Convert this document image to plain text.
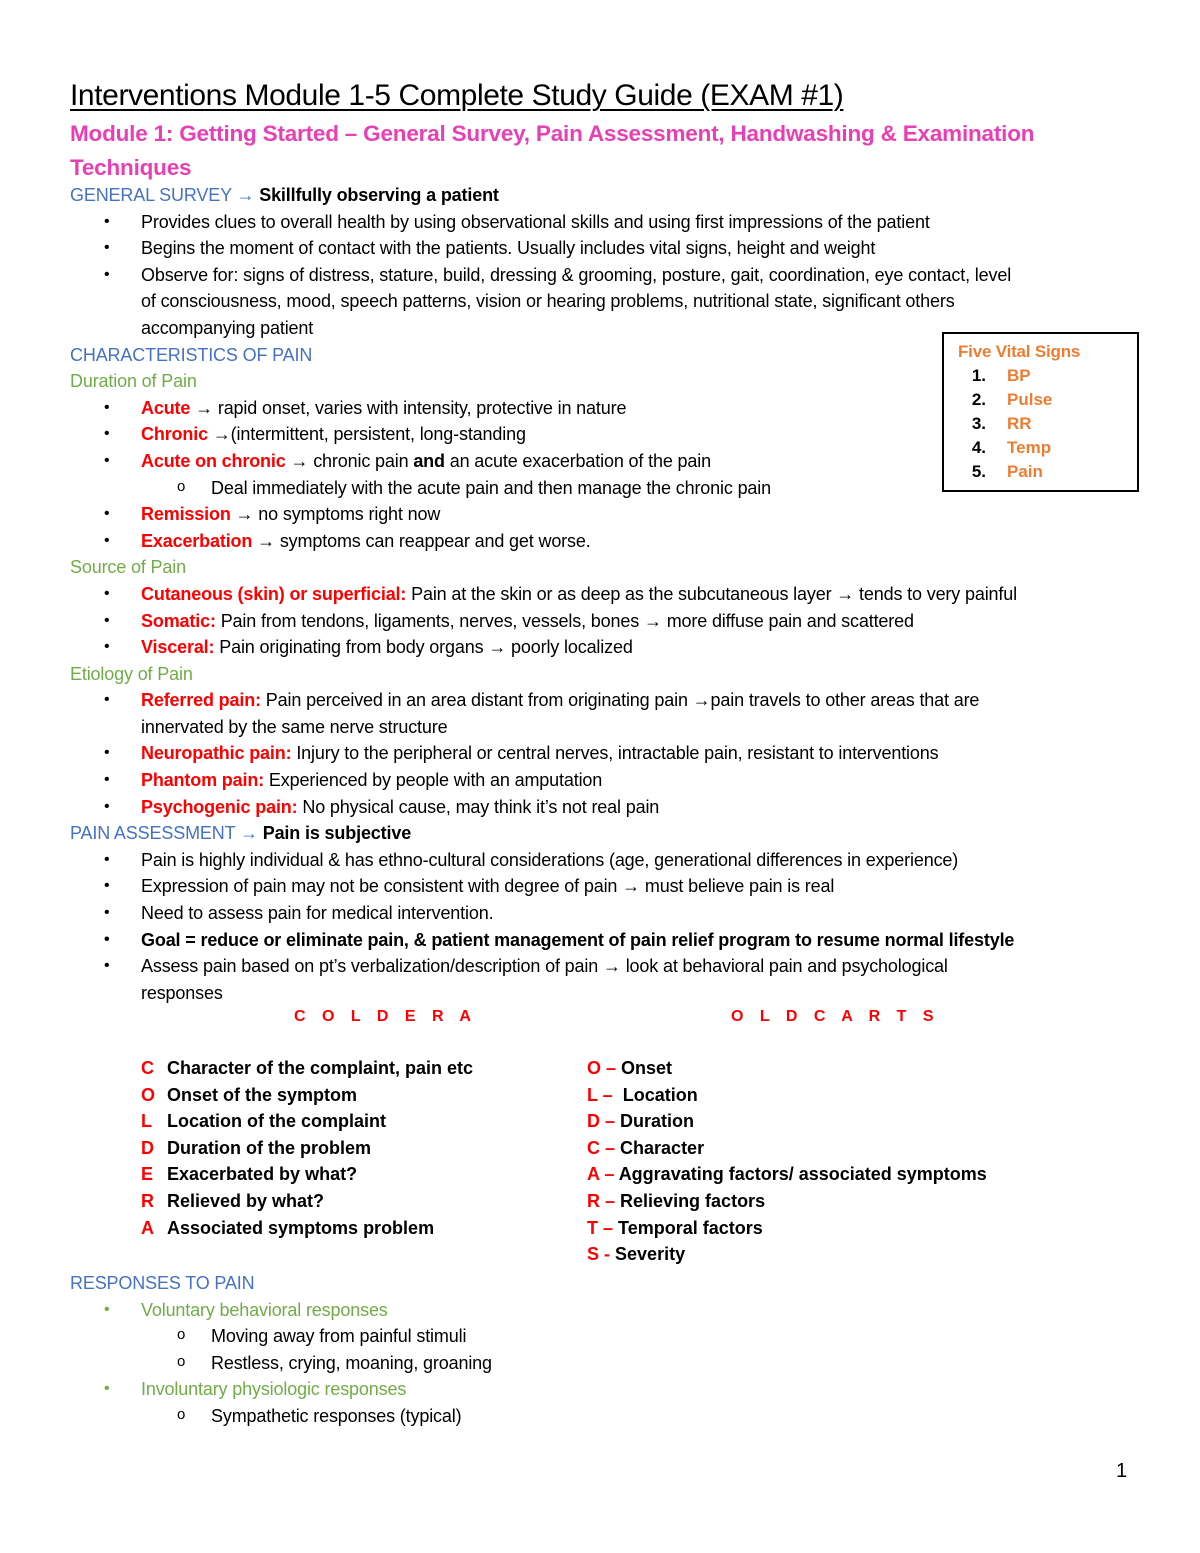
Interventions Module 1-5 Complete Study Guide (EXAM #1)
Module 1: Getting Started – General Survey, Pain Assessment, Handwashing & Examination Techniques
GENERAL SURVEY → Skillfully observing a patient
• Provides clues to overall health by using observational skills and using first impressions of the patient
• Begins the moment of contact with the patients. Usually includes vital signs, height and weight
• Observe for: signs of distress, stature, build, dressing & grooming, posture, gait, coordination, eye contact, level
of consciousness, mood, speech patterns, vision or hearing problems, nutritional state, significant others
accompanying patient
CHARACTERISTICS OF PAIN
Duration of Pain
• Acute → rapid onset, varies with intensity, protective in nature
• Chronic →(intermittent, persistent, long-standing
• Acute on chronic → chronic pain and an acute exacerbation of the pain
o Deal immediately with the acute pain and then manage the chronic pain
• Remission → no symptoms right now
• Exacerbation → symptoms can reappear and get worse.
Source of Pain
• Cutaneous (skin) or superficial: Pain at the skin or as deep as the subcutaneous layer → tends to very painful
• Somatic: Pain from tendons, ligaments, nerves, vessels, bones → more diffuse pain and scattered
• Visceral: Pain originating from body organs → poorly localized
Etiology of Pain
• Referred pain: Pain perceived in an area distant from originating pain →pain travels to other areas that are
innervated by the same nerve structure
• Neuropathic pain: Injury to the peripheral or central nerves, intractable pain, resistant to interventions
• Phantom pain: Experienced by people with an amputation
• Psychogenic pain: No physical cause, may think it’s not real pain
PAIN ASSESSMENT → Pain is subjective
• Pain is highly individual & has ethno-cultural considerations (age, generational differences in experience)
• Expression of pain may not be consistent with degree of pain → must believe pain is real
• Need to assess pain for medical intervention.
• Goal = reduce or eliminate pain, & patient management of pain relief program to resume normal lifestyle
• Assess pain based on pt’s verbalization/description of pain → look at behavioral pain and psychological
responses
Five Vital Signs
1. BP
2. Pulse
3. RR
4. Temp
5. Pain
C O L D E R A
C Character of the complaint, pain etc
O Onset of the symptom
L Location of the complaint
D Duration of the problem
E Exacerbated by what?
R Relieved by what?
A Associated symptoms problem
O L D C A R T S
O – Onset
L – Location
D – Duration
C – Character
A – Aggravating factors/ associated symptoms
R – Relieving factors
T – Temporal factors
S - Severity
RESPONSES TO PAIN
• Voluntary behavioral responses
o Moving away from painful stimuli
o Restless, crying, moaning, groaning
• Involuntary physiologic responses
o Sympathetic responses (typical)
1
